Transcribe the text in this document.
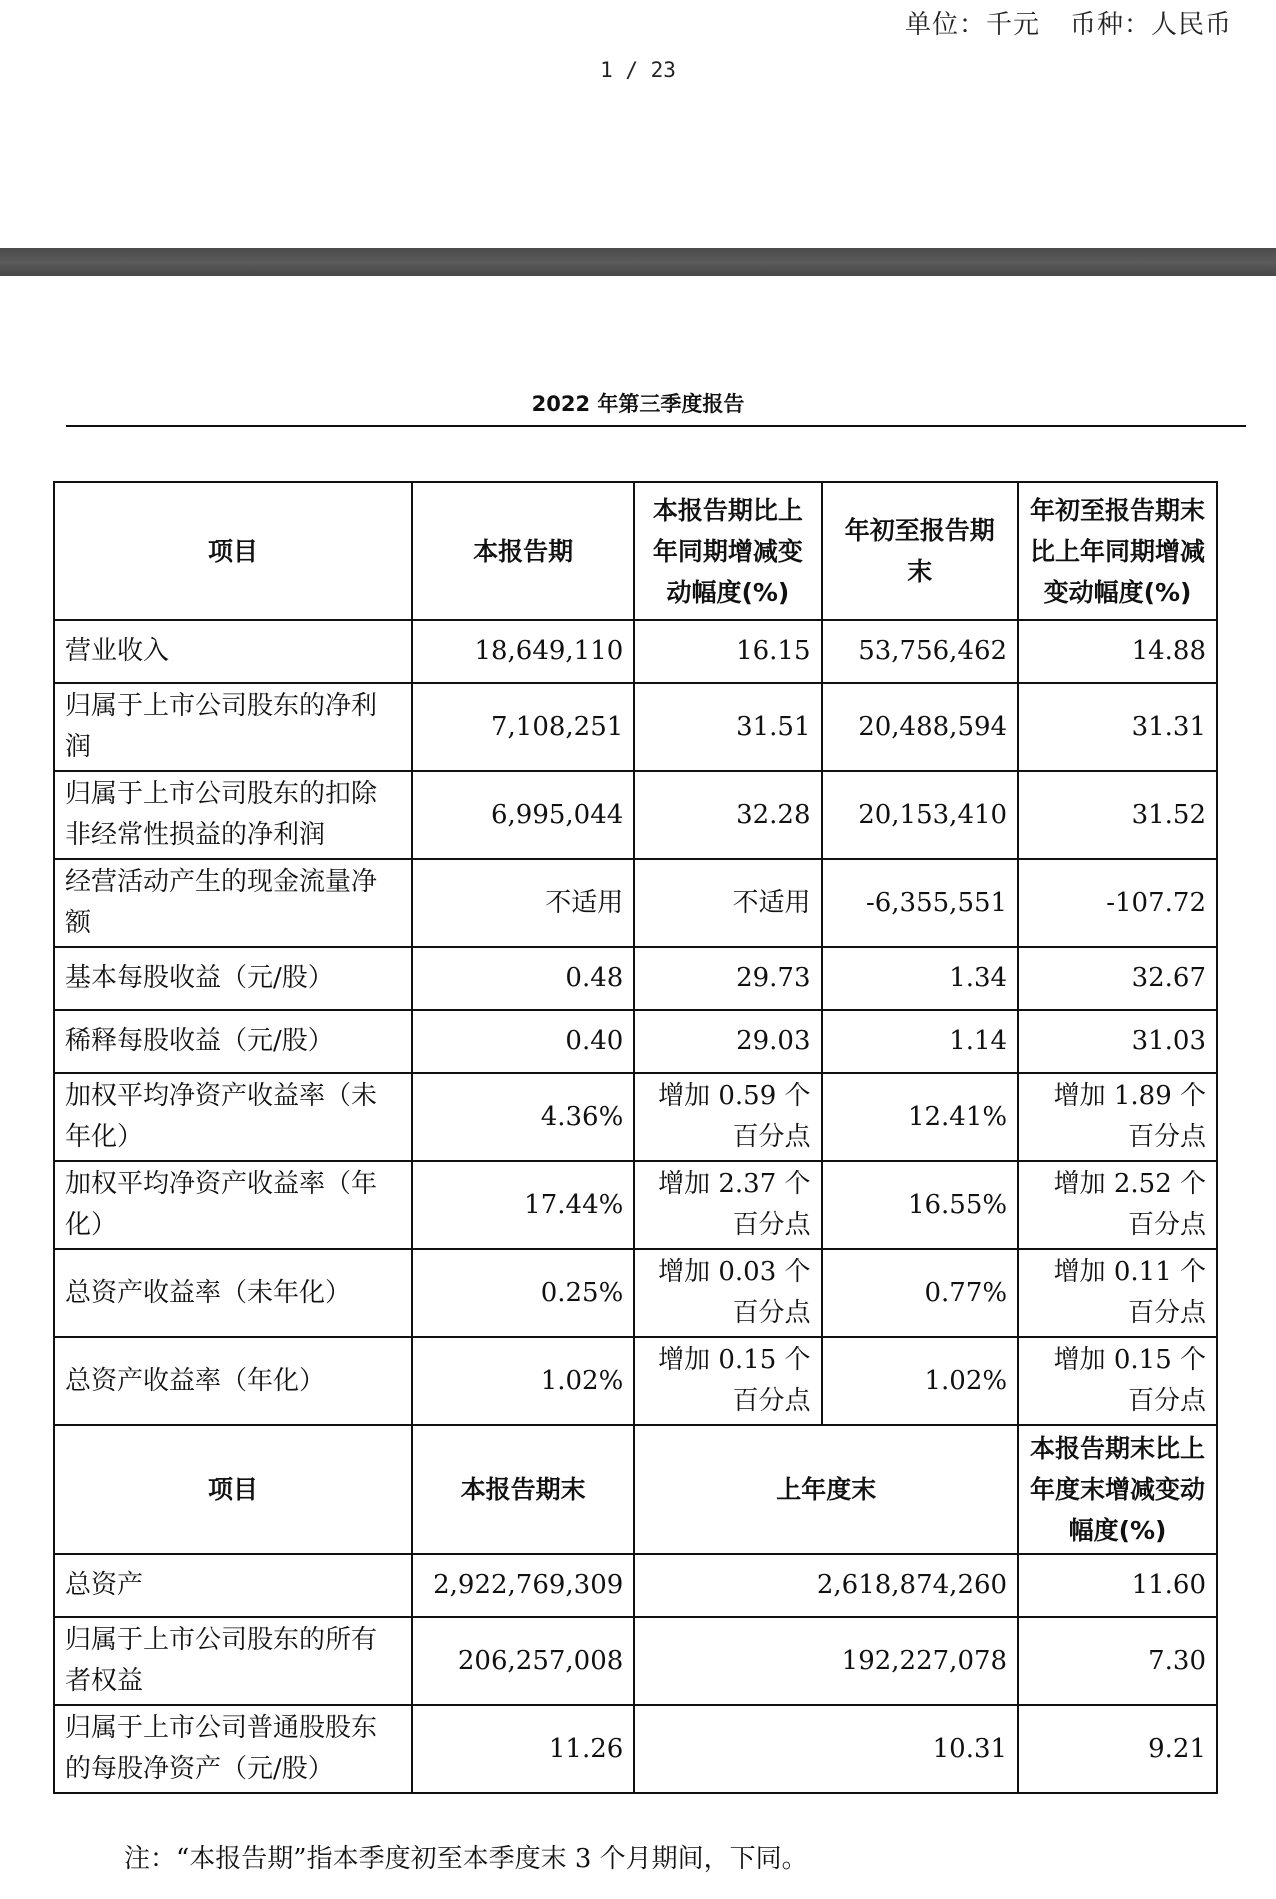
单位：千元 币种：人民币
1 / 23
2022 年第三季度报告
项目	本报告期	本报告期比上年同期增减变动幅度(%)	年初至报告期末	年初至报告期末比上年同期增减变动幅度(%)
营业收入	18,649,110	16.15	53,756,462	14.88
归属于上市公司股东的净利润	7,108,251	31.51	20,488,594	31.31
归属于上市公司股东的扣除非经常性损益的净利润	6,995,044	32.28	20,153,410	31.52
经营活动产生的现金流量净额	不适用	不适用	-6,355,551	-107.72
基本每股收益（元/股）	0.48	29.73	1.34	32.67
稀释每股收益（元/股）	0.40	29.03	1.14	31.03
加权平均净资产收益率（未年化）	4.36%	增加 0.59 个百分点	12.41%	增加 1.89 个百分点
加权平均净资产收益率（年化）	17.44%	增加 2.37 个百分点	16.55%	增加 2.52 个百分点
总资产收益率（未年化）	0.25%	增加 0.03 个百分点	0.77%	增加 0.11 个百分点
总资产收益率（年化）	1.02%	增加 0.15 个百分点	1.02%	增加 0.15 个百分点
项目	本报告期末	上年度末		本报告期末比上年度末增减变动幅度(%)
总资产	2,922,769,309	2,618,874,260		11.60
归属于上市公司股东的所有者权益	206,257,008	192,227,078		7.30
归属于上市公司普通股股东的每股净资产（元/股）	11.26	10.31		9.21
注：“本报告期”指本季度初至本季度末 3 个月期间，下同。
